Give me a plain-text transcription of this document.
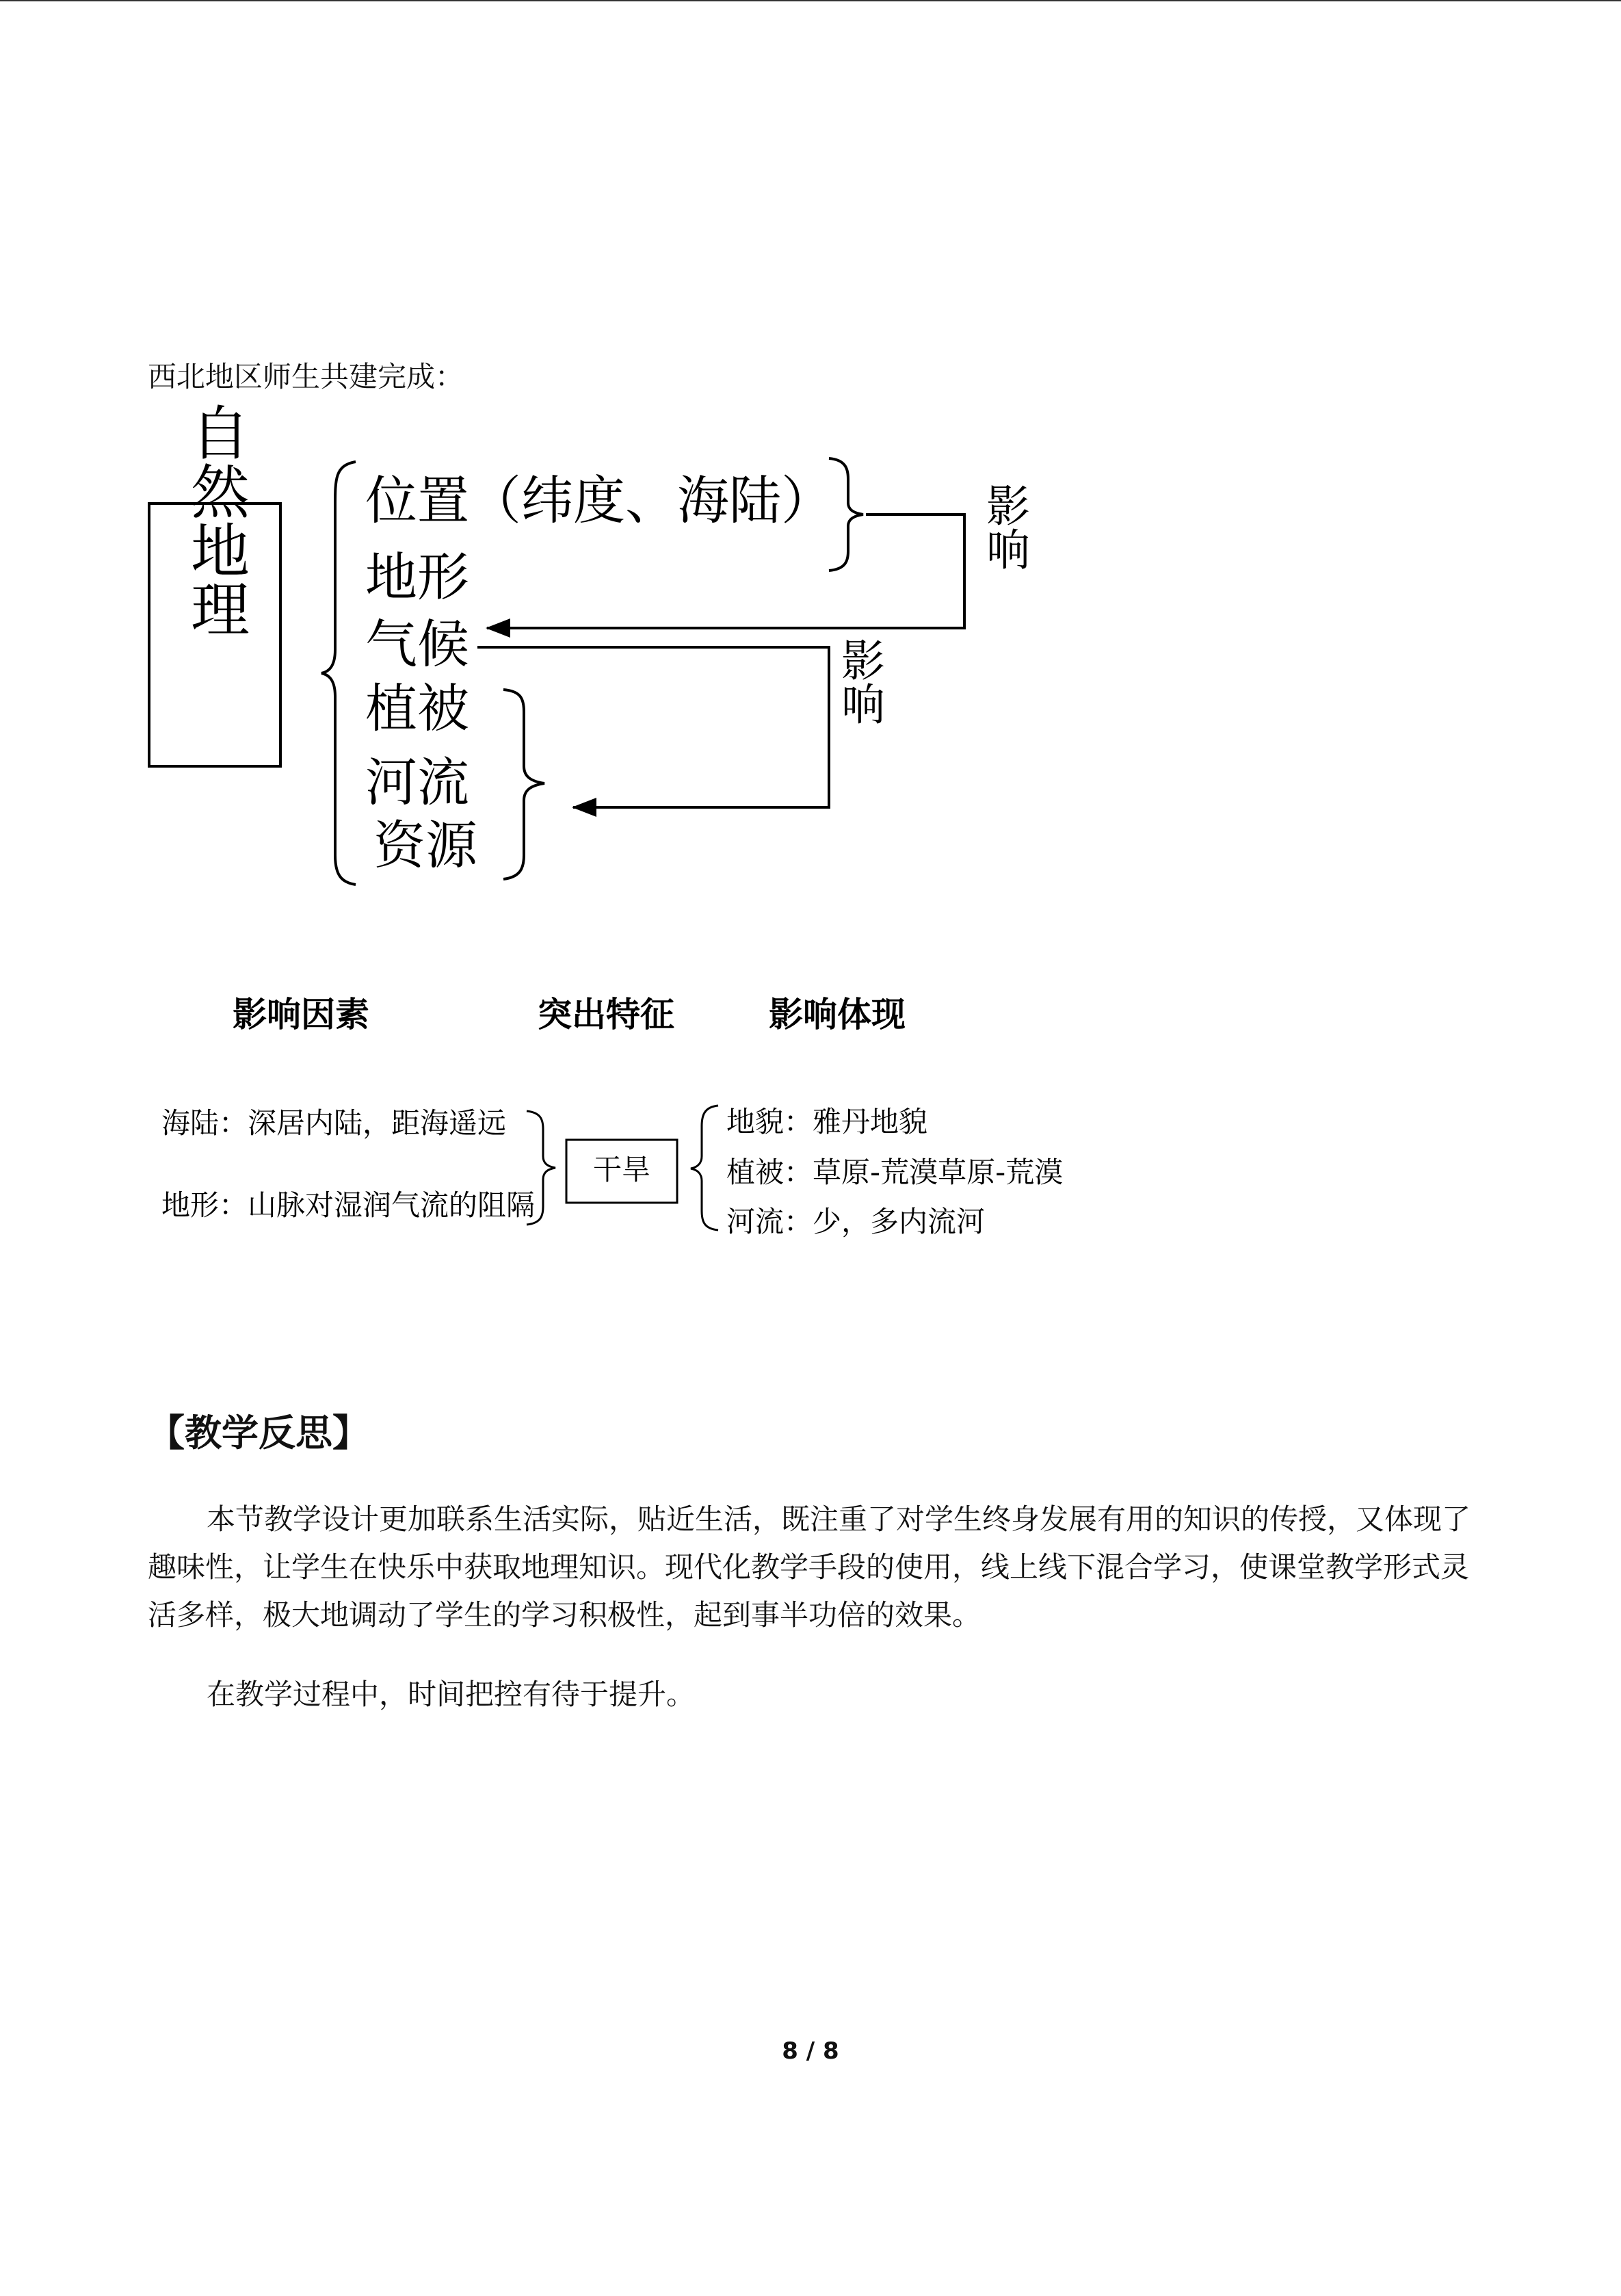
西北地区师生共建完成：
自然地理 位置（纬度、海陆）
地形
气候
植被
河流
资源
影响
影响
影响因素	突出特征	影响体现
海陆：深居内陆，距海遥远
地形：山脉对湿润气流的阻隔
干旱
地貌：雅丹地貌
植被：草原-荒漠草原-荒漠
河流：少，多内流河
【教学反思】

本节教学设计更加联系生活实际，贴近生活，既注重了对学生终身发展有用的知识的传授，又体现了趣味性，让学生在快乐中获取地理知识。现代化教学手段的使用，线上线下混合学习，使课堂教学形式灵活多样，极大地调动了学生的学习积极性，起到事半功倍的效果。

在教学过程中，时间把控有待于提升。

8 / 8
